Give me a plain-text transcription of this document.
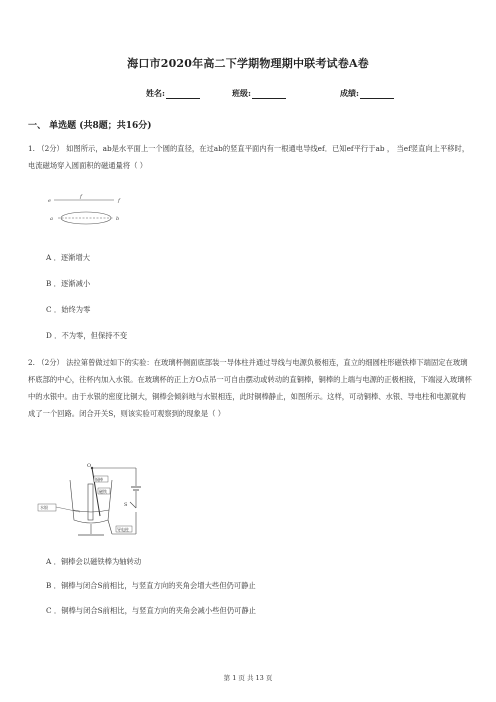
海口市2020年高二下学期物理期中联考试卷A卷
姓名:	班级:	成绩:
一、 单选题 (共8题；共16分)
1. （2分） 如图所示，ab是水平面上一个圆的直径，在过ab的竖直平面内有一根通电导线ef．已知ef平行于ab ， 当ef竖直向上平移时，电流磁场穿入圆面积的磁通量将（ ）
e
f
f
a	b
A ．逐渐增大
B ．逐渐减小
C ．始终为零
D ．不为零，但保持不变
2. （2分） 法拉第曾做过如下的实验：在玻璃杯侧面底部装一导体柱并通过导线与电源负极相连，直立的细圆柱形磁铁棒下端固定在玻璃杯底部的中心，往杯内加入水银。在玻璃杯的正上方O点吊一可自由摆动或转动的直铜棒，铜棒的上端与电源的正极相接，下端浸入玻璃杯中的水银中。由于水银的密度比铜大，铜棒会倾斜地与水银相连，此时铜棒静止，如图所示。这样，可动铜棒、水银、导电柱和电源就构成了一个回路。闭合开关S，则该实验可观察到的现象是（ ）
S
O
铜棒
磁铁
水银
导电柱
A ．铜棒会以磁铁棒为轴转动
B ．铜棒与闭合S前相比，与竖直方向的夹角会增大些但仍可静止
C ．铜棒与闭合S前相比，与竖直方向的夹角会减小些但仍可静止
第 1 页 共 13 页
